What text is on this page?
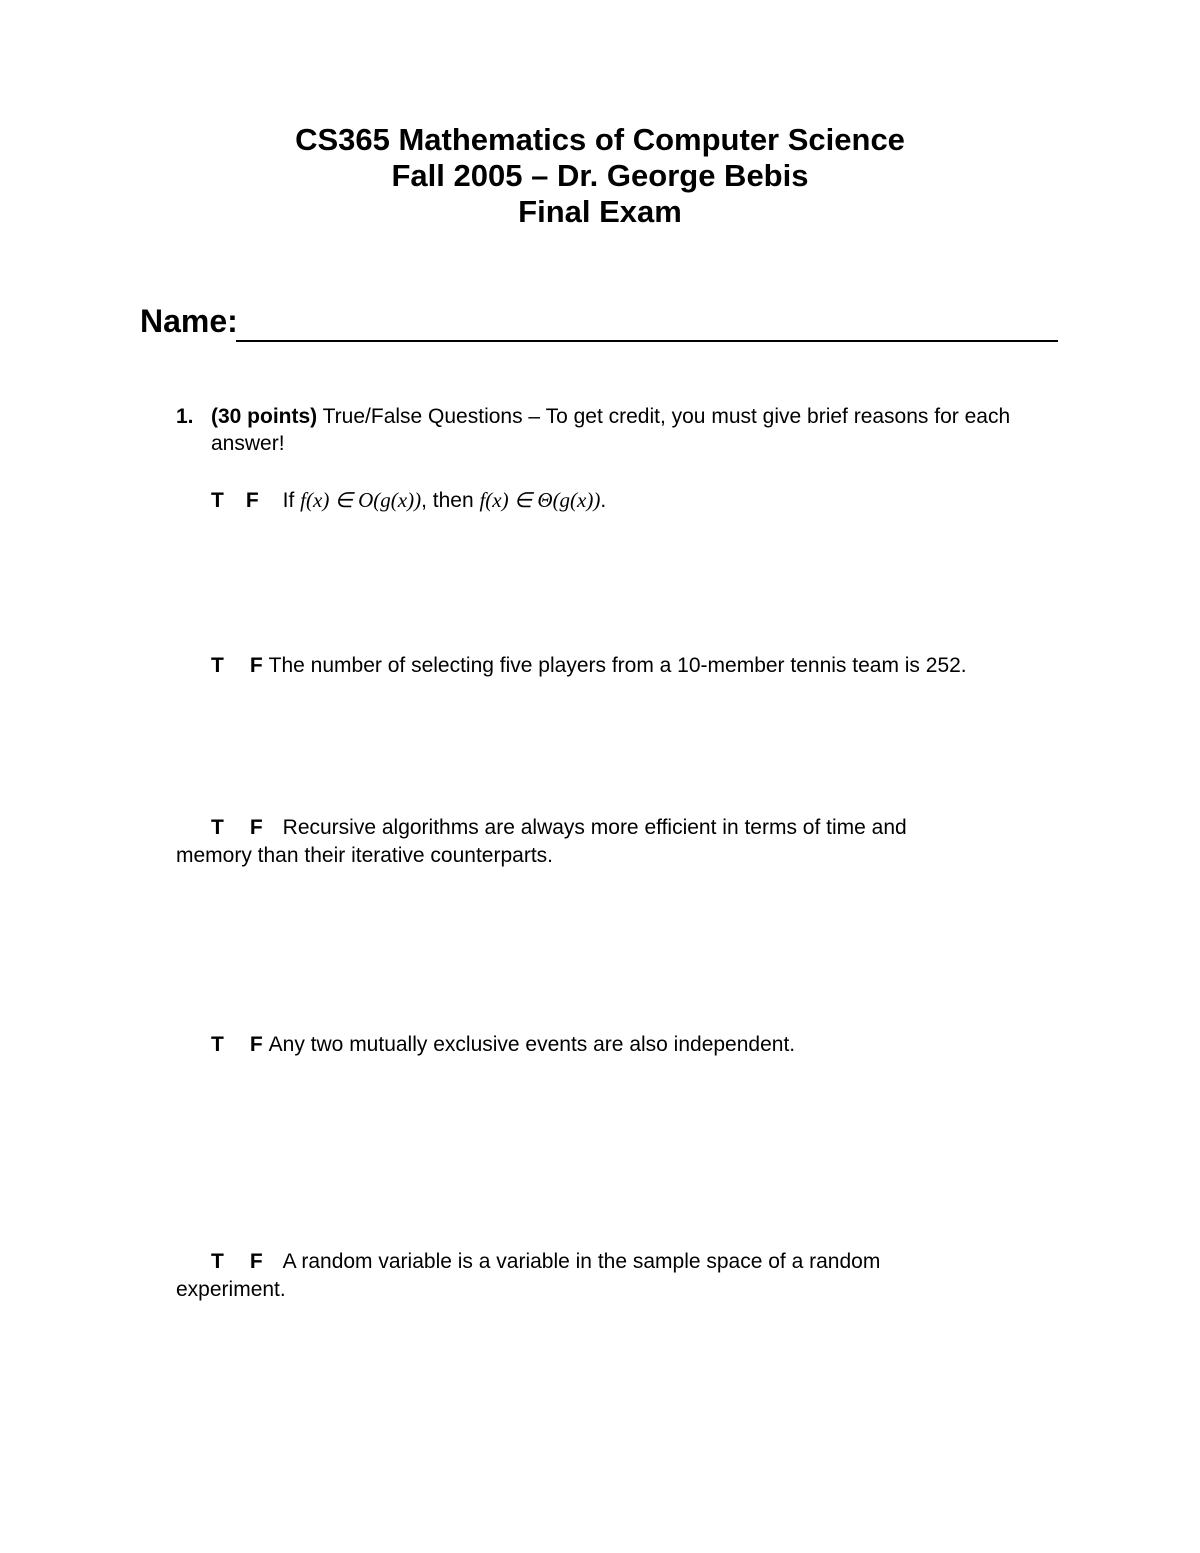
CS365 Mathematics of Computer Science
Fall 2005 – Dr. George Bebis
Final Exam
Name:
1. (30 points) True/False Questions – To get credit, you must give brief reasons for each answer!
T F If f(x) ∈ O(g(x)), then f(x) ∈ Θ(g(x)).
T F The number of selecting five players from a 10-member tennis team is 252.
T F Recursive algorithms are always more efficient in terms of time and
memory than their iterative counterparts.
T F Any two mutually exclusive events are also independent.
T F A random variable is a variable in the sample space of a random
experiment.
